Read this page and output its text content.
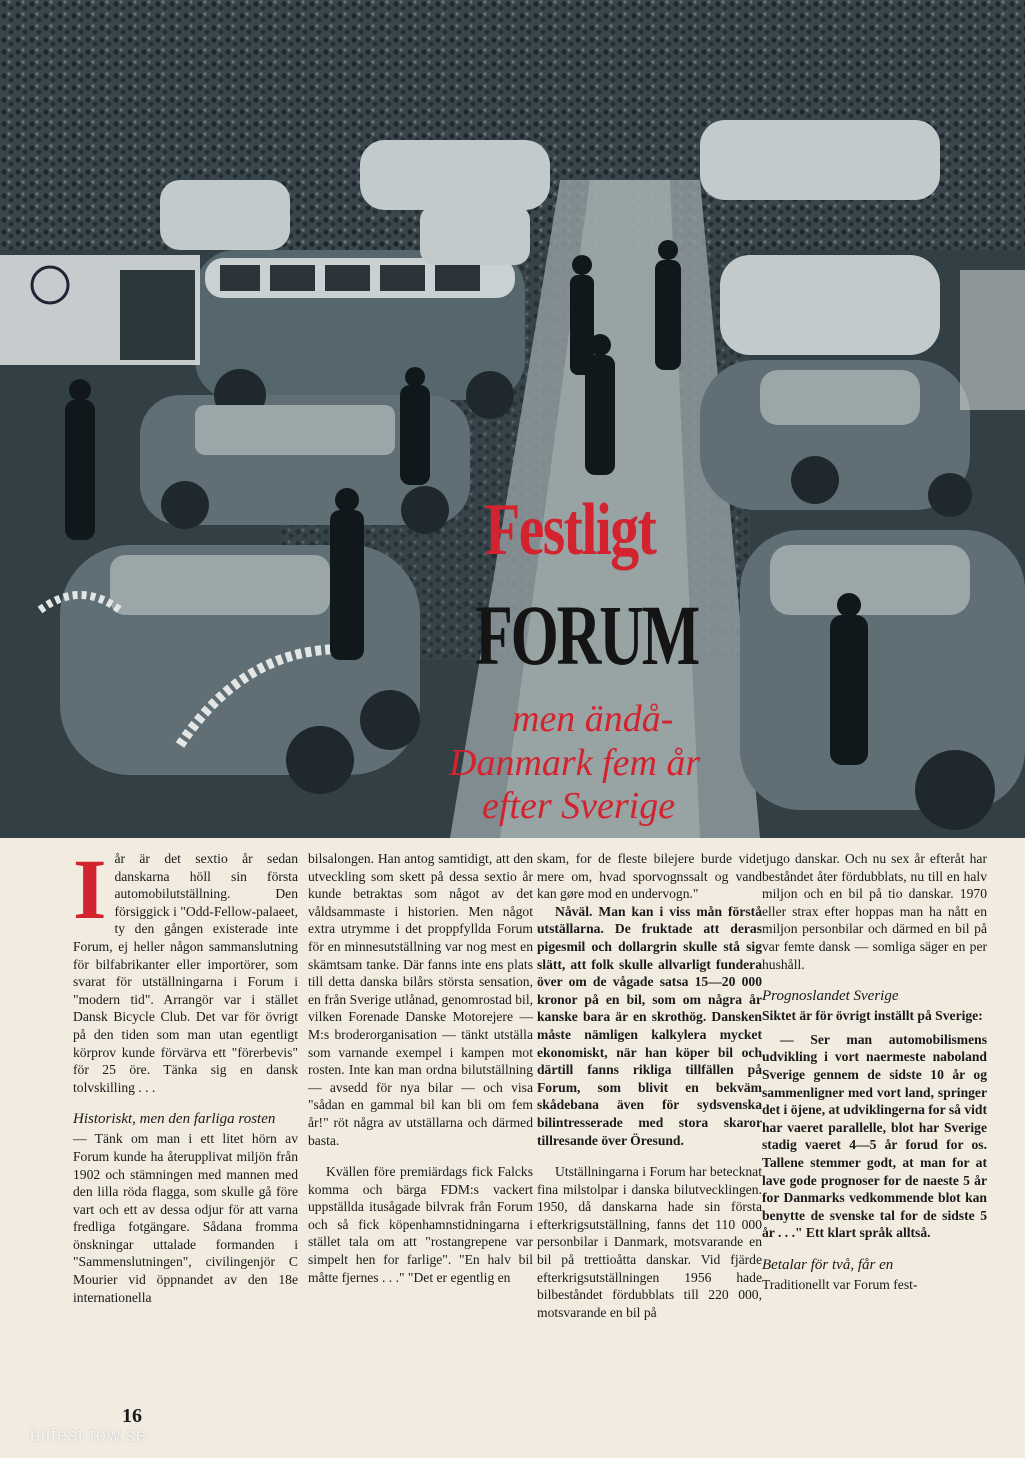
Festligt
FORUM
men ändå-
Danmark fem år
efter Sverige
I år är det sextio år sedan danskarna höll sin första automobilutställning. Den försiggick i "Odd-Fellow-palaeet, ty den gången existerade inte Forum, ej heller någon sammanslutning för bilfabrikanter eller importörer, som svarat för utställningarna i Forum i "modern tid". Arrangör var i stället Dansk Bicycle Club. Det var för övrigt på den tiden som man utan egentligt körprov kunde förvärva ett "förerbevis" för 25 öre. Tänka sig en dansk tolvskilling . . .

Historiskt, men den farliga rosten

— Tänk om man i ett litet hörn av Forum kunde ha återupplivat miljön från 1902 och stämningen med mannen med den lilla röda flagga, som skulle gå före vart och ett av dessa odjur för att varna fredliga fotgängare. Sådana fromma önskningar uttalade formanden i "Sammenslutningen", civilingenjör C Mourier vid öppnandet av den 18e internationella

bilsalongen. Han antog samtidigt, att den utveckling som skett på dessa sextio år kunde betraktas som något av det våldsammaste i historien. Men något extra utrymme i det proppfyllda Forum för en minnesutställning var nog mest en skämtsam tanke. Där fanns inte ens plats till detta danska bilårs största sensation, en från Sverige utlånad, genomrostad bil, vilken Forenade Danske Motorejere — M:s broderorganisation — tänkt utställa som varnande exempel i kampen mot rosten. Inte kan man ordna bilutställning — avsedd för nya bilar — och visa "sådan en gammal bil kan bli om fem år!" röt några av utställarna och därmed basta.

Kvällen före premiärdags fick Falcks komma och bärga FDM:s vackert uppställda itusågade bilvrak från Forum och så fick köpenhamnstidningarna i stället tala om att "rostangrepene var simpelt hen for farlige". "En halv bil måtte fjernes . . ." "Det er egentlig en

skam, for de fleste bilejere burde vide mere om, hvad sporvognssalt og vand kan gøre mod en undervogn."

Nåväl. Man kan i viss mån förstå utställarna. De fruktade att deras pigesmil och dollargrin skulle stå sig slätt, att folk skulle allvarligt fundera över om de vågade satsa 15—20 000 kronor på en bil, som om några år kanske bara är en skrothög. Dansken måste nämligen kalkylera mycket ekonomiskt, när han köper bil och därtill fanns rikliga tillfällen på Forum, som blivit en bekväm skådebana även för sydsvenska bilintresserade med stora skaror tillresande över Öresund.

Utställningarna i Forum har betecknat fina milstolpar i danska bilutvecklingen. 1950, då danskarna hade sin första efterkrigsutställning, fanns det 110 000 personbilar i Danmark, motsvarande en bil på trettioåtta danskar. Vid fjärde efterkrigsutställningen 1956 hade bilbeståndet fördubblats till 220 000, motsvarande en bil på

tjugo danskar. Och nu sex år efteråt har beståndet åter fördubblats, nu till en halv miljon och en bil på tio danskar. 1970 eller strax efter hoppas man ha nått en miljon personbilar och därmed en bil på var femte dansk — somliga säger en per hushåll.

Prognoslandet Sverige

Siktet är för övrigt inställt på Sverige:

— Ser man automobilismens udvikling i vort naermeste naboland Sverige gennem de sidste 10 år og sammenligner med vort land, springer det i öjene, at udviklingerna for så vidt har vaeret parallelle, blot har Sverige stadig vaeret 4—5 år forud for os. Tallene stemmer godt, at man for at lave gode prognoser for de naeste 5 år for Danmarks vedkommende blot kan benytte de svenske tal for de sidste 5 år . . ." Ett klart språk alltså.

Betalar för två, får en

Traditionellt var Forum fest-

16
bilfest tow.se
